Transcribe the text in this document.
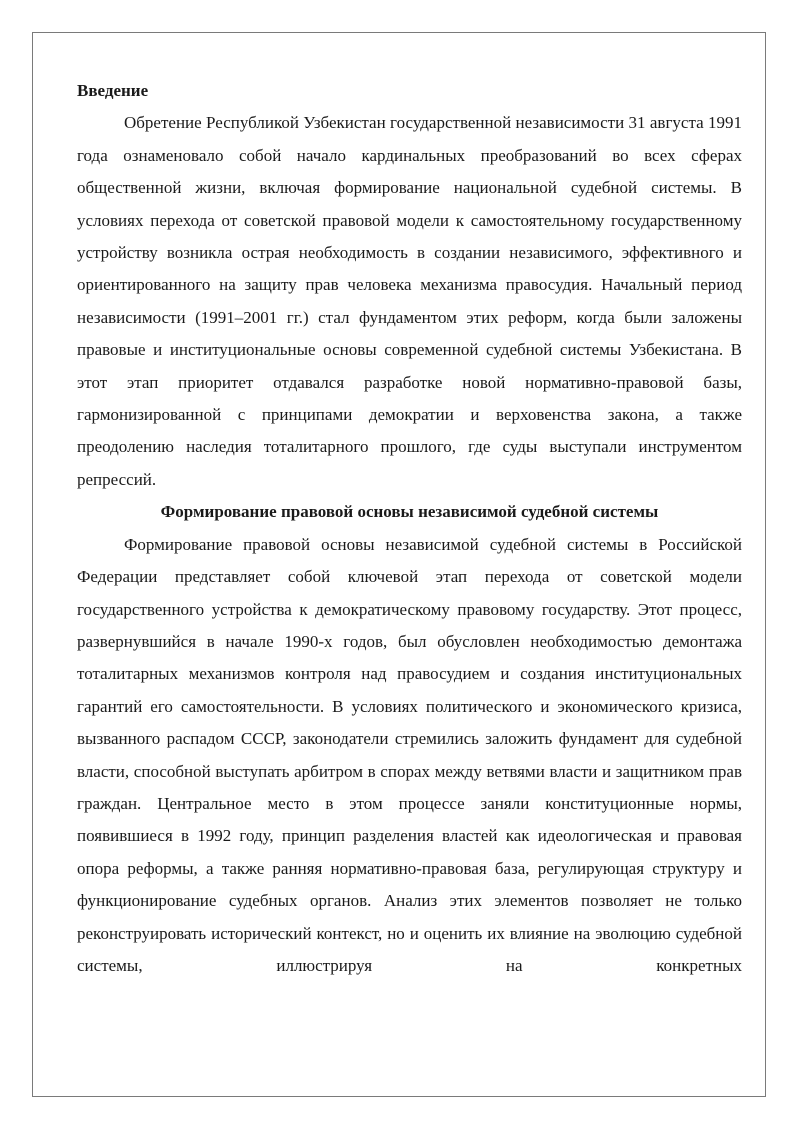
Введение

Обретение Республикой Узбекистан государственной независимости 31 августа 1991 года ознаменовало собой начало кардинальных преобразований во всех сферах общественной жизни, включая формирование национальной судебной системы. В условиях перехода от советской правовой модели к самостоятельному государственному устройству возникла острая необходимость в создании независимого, эффективного и ориентированного на защиту прав человека механизма правосудия. Начальный период независимости (1991–2001 гг.) стал фундаментом этих реформ, когда были заложены правовые и институциональные основы современной судебной системы Узбекистана. В этот этап приоритет отдавался разработке новой нормативно-правовой базы, гармонизированной с принципами демократии и верховенства закона, а также преодолению наследия тоталитарного прошлого, где суды выступали инструментом репрессий.

Формирование правовой основы независимой судебной системы

Формирование правовой основы независимой судебной системы в Российской Федерации представляет собой ключевой этап перехода от советской модели государственного устройства к демократическому правовому государству. Этот процесс, развернувшийся в начале 1990-х годов, был обусловлен необходимостью демонтажа тоталитарных механизмов контроля над правосудием и создания институциональных гарантий его самостоятельности. В условиях политического и экономического кризиса, вызванного распадом СССР, законодатели стремились заложить фундамент для судебной власти, способной выступать арбитром в спорах между ветвями власти и защитником прав граждан. Центральное место в этом процессе заняли конституционные нормы, появившиеся в 1992 году, принцип разделения властей как идеологическая и правовая опора реформы, а также ранняя нормативно-правовая база, регулирующая структуру и функционирование судебных органов. Анализ этих элементов позволяет не только реконструировать исторический контекст, но и оценить их влияние на эволюцию судебной системы, иллюстрируя на конкретных
